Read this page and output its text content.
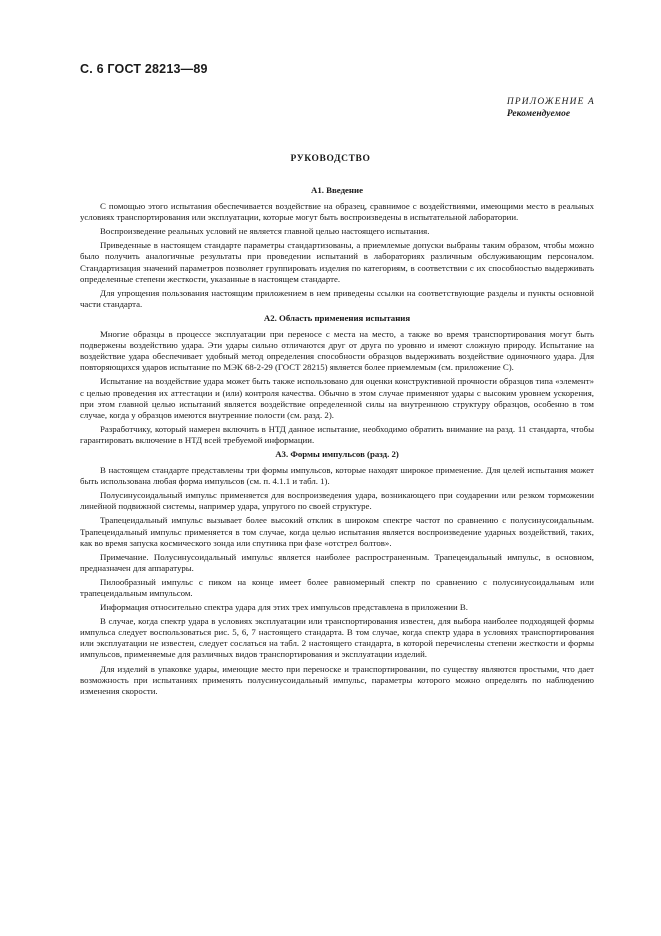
С. 6 ГОСТ 28213—89
ПРИЛОЖЕНИЕ А
Рекомендуемое
РУКОВОДСТВО
А1. Введение

С помощью этого испытания обеспечивается воздействие на образец, сравнимое с воздействиями, имеющими место в реальных условиях транспортирования или эксплуатации, которые могут быть воспроизведены в испытательной лаборатории.

Воспроизведение реальных условий не является главной целью настоящего испытания.

Приведенные в настоящем стандарте параметры стандартизованы, а приемлемые допуски выбраны таким образом, чтобы можно было получить аналогичные результаты при проведении испытаний в лабораториях различным обслуживающим персоналом. Стандартизация значений параметров позволяет группировать изделия по категориям, в соответствии с их способностью выдерживать определенные степени жесткости, указанные в настоящем стандарте.

Для упрощения пользования настоящим приложением в нем приведены ссылки на соответствующие разделы и пункты основной части стандарта.

А2. Область применения испытания

Многие образцы в процессе эксплуатации при переносе с места на место, а также во время транспортирования могут быть подвержены воздействию удара. Эти удары сильно отличаются друг от друга по уровню и имеют сложную природу. Испытание на воздействие удара обеспечивает удобный метод определения способности образцов выдерживать воздействие одиночного удара. Для повторяющихся ударов испытание по МЭК 68-2-29 (ГОСТ 28215) является более приемлемым (см. приложение С).

Испытание на воздействие удара может быть также использовано для оценки конструктивной прочности образцов типа «элемент» с целью проведения их аттестации и (или) контроля качества. Обычно в этом случае применяют удары с высоким уровнем ускорения, при этом главной целью испытаний является воздействие определенной силы на внутреннюю структуру образцов, особенно в том случае, когда у образцов имеются внутренние полости (см. разд. 2).

Разработчику, который намерен включить в НТД данное испытание, необходимо обратить внимание на разд. 11 стандарта, чтобы гарантировать включение в НТД всей требуемой информации.

А3. Формы импульсов (разд. 2)

В настоящем стандарте представлены три формы импульсов, которые находят широкое применение. Для целей испытания может быть использована любая форма импульсов (см. п. 4.1.1 и табл. 1).

Полусинусоидальный импульс применяется для воспроизведения удара, возникающего при соударении или резком торможении линейной подвижной системы, например удара, упругого по своей структуре.

Трапецеидальный импульс вызывает более высокий отклик в широком спектре частот по сравнению с полусинусоидальным. Трапецеидальный импульс применяется в том случае, когда целью испытания является воспроизведение ударных воздействий, таких, как во время запуска космического зонда или спутника при фазе «отстрел болтов».

Примечание. Полусинусоидальный импульс является наиболее распространенным. Трапецеидальный импульс, в основном, предназначен для аппаратуры.

Пилообразный импульс с пиком на конце имеет более равномерный спектр по сравнению с полусинусоидальным или трапецеидальным импульсом.

Информация относительно спектра удара для этих трех импульсов представлена в приложении В.

В случае, когда спектр удара в условиях эксплуатации или транспортирования известен, для выбора наиболее подходящей формы импульса следует воспользоваться рис. 5, 6, 7 настоящего стандарта. В том случае, когда спектр удара в условиях транспортирования или эксплуатации не известен, следует сослаться на табл. 2 настоящего стандарта, в которой перечислены степени жесткости и формы импульсов, применяемые для различных видов транспортирования и эксплуатации изделий.

Для изделий в упаковке удары, имеющие место при переноске и транспортировании, по существу являются простыми, что дает возможность при испытаниях применять полусинусоидальный импульс, параметры которого можно определять по наблюдению изменения скорости.
